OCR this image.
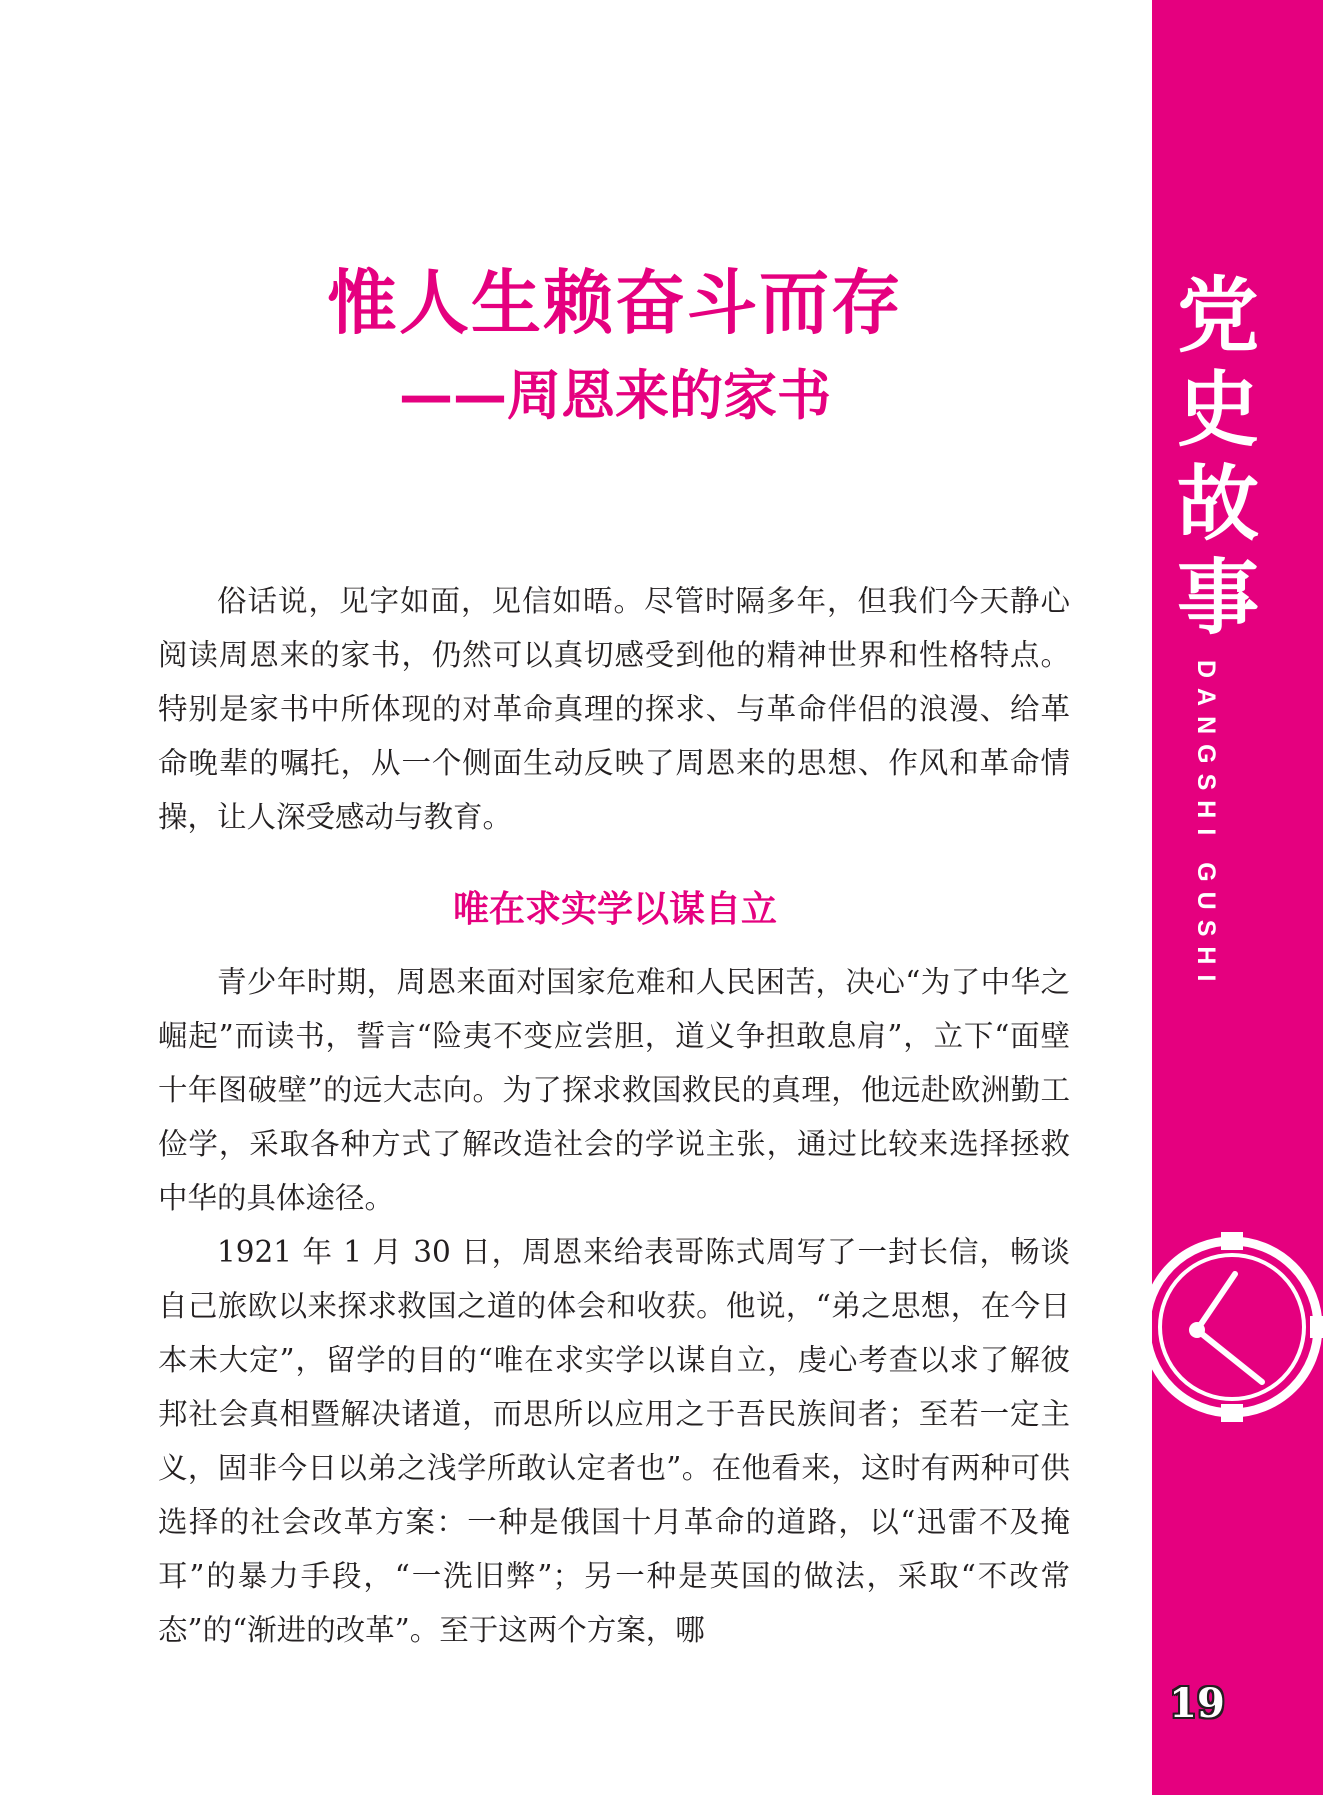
党
史
故
事
DANGSHI GUSHI
19
惟人生赖奋斗而存
——周恩来的家书

俗话说，见字如面，见信如晤。尽管时隔多年，但我们今天静心阅读周恩来的家书，仍然可以真切感受到他的精神世界和性格特点。特别是家书中所体现的对革命真理的探求、与革命伴侣的浪漫、给革命晚辈的嘱托，从一个侧面生动反映了周恩来的思想、作风和革命情操，让人深受感动与教育。

唯在求实学以谋自立

青少年时期，周恩来面对国家危难和人民困苦，决心“为了中华之崛起”而读书，誓言“险夷不变应尝胆，道义争担敢息肩”，立下“面壁十年图破壁”的远大志向。为了探求救国救民的真理，他远赴欧洲勤工俭学，采取各种方式了解改造社会的学说主张，通过比较来选择拯救中华的具体途径。

1921 年 1 月 30 日，周恩来给表哥陈式周写了一封长信，畅谈自己旅欧以来探求救国之道的体会和收获。他说，“弟之思想，在今日本未大定”，留学的目的“唯在求实学以谋自立，虔心考查以求了解彼邦社会真相暨解决诸道，而思所以应用之于吾民族间者；至若一定主义，固非今日以弟之浅学所敢认定者也”。在他看来，这时有两种可供选择的社会改革方案：一种是俄国十月革命的道路，以“迅雷不及掩耳”的暴力手段，“一洗旧弊”；另一种是英国的做法，采取“不改常态”的“渐进的改革”。至于这两个方案，哪
